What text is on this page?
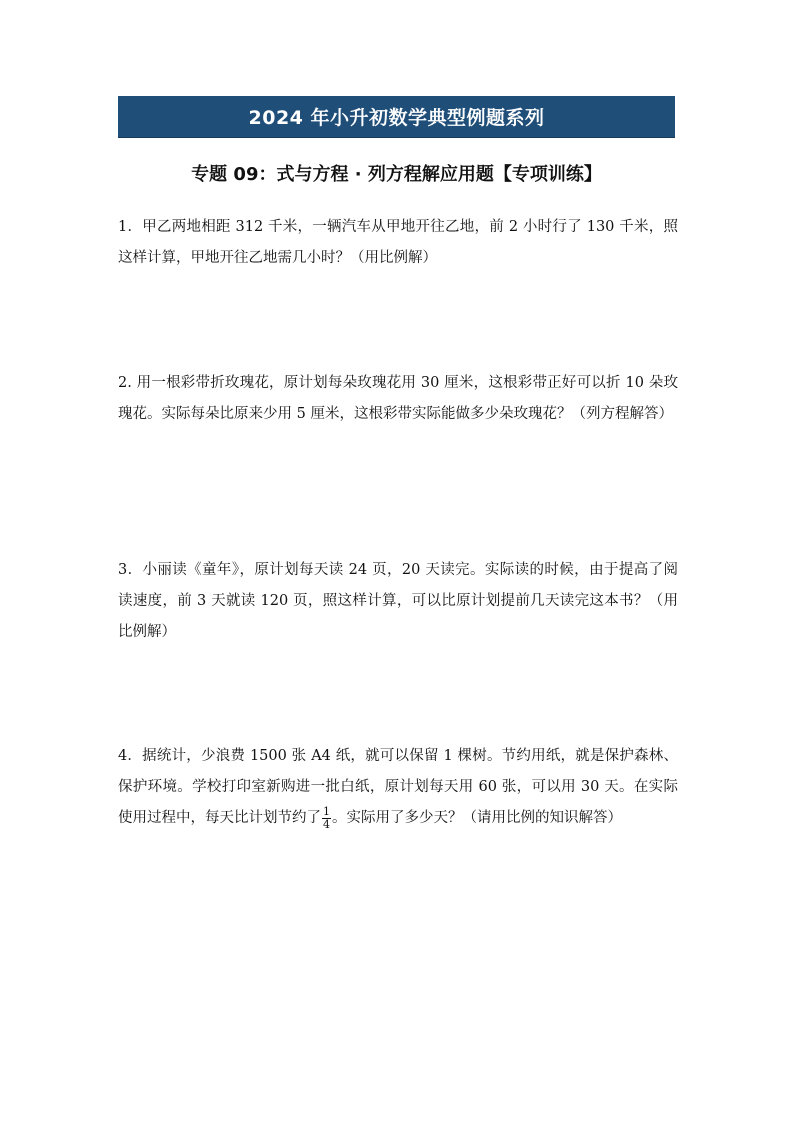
2024 年小升初数学典型例题系列
专题 09：式与方程 · 列方程解应用题【专项训练】
1．甲乙两地相距 312 千米，一辆汽车从甲地开往乙地，前 2 小时行了 130 千米，照这样计算，甲地开往乙地需几小时？（用比例解）
2. 用一根彩带折玫瑰花，原计划每朵玫瑰花用 30 厘米，这根彩带正好可以折 10 朵玫瑰花。实际每朵比原来少用 5 厘米，这根彩带实际能做多少朵玫瑰花？（列方程解答）
3．小丽读《童年》，原计划每天读 24 页，20 天读完。实际读的时候，由于提高了阅读速度，前 3 天就读 120 页，照这样计算，可以比原计划提前几天读完这本书？（用比例解）
4．据统计，少浪费 1500 张 A4 纸，就可以保留 1 棵树。节约用纸，就是保护森林、保护环境。学校打印室新购进一批白纸，原计划每天用 60 张，可以用 30 天。在实际使用过程中，每天比计划节约了 $\frac{1}{4}$ 。实际用了多少天？（请用比例的知识解答）
